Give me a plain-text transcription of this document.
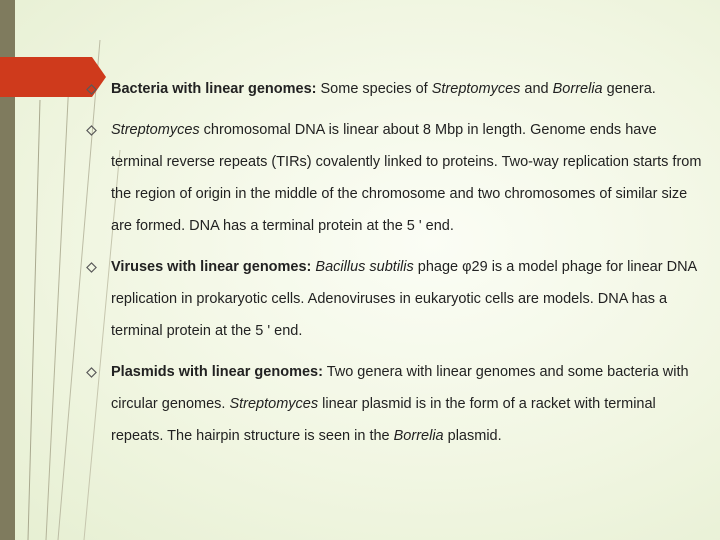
Bacteria with linear genomes: Some species of Streptomyces and Borrelia genera.
Streptomyces chromosomal DNA is linear about 8 Mbp in length. Genome ends have terminal reverse repeats (TIRs) covalently linked to proteins. Two-way replication starts from the region of origin in the middle of the chromosome and two chromosomes of similar size are formed. DNA has a terminal protein at the 5 ' end.
Viruses with linear genomes: Bacillus subtilis phage φ29 is a model phage for linear DNA replication in prokaryotic cells. Adenoviruses in eukaryotic cells are models. DNA has a terminal protein at the 5 ' end.
Plasmids with linear genomes: Two genera with linear genomes and some bacteria with circular genomes. Streptomyces linear plasmid is in the form of a racket with terminal repeats. The hairpin structure is seen in the Borrelia plasmid.
